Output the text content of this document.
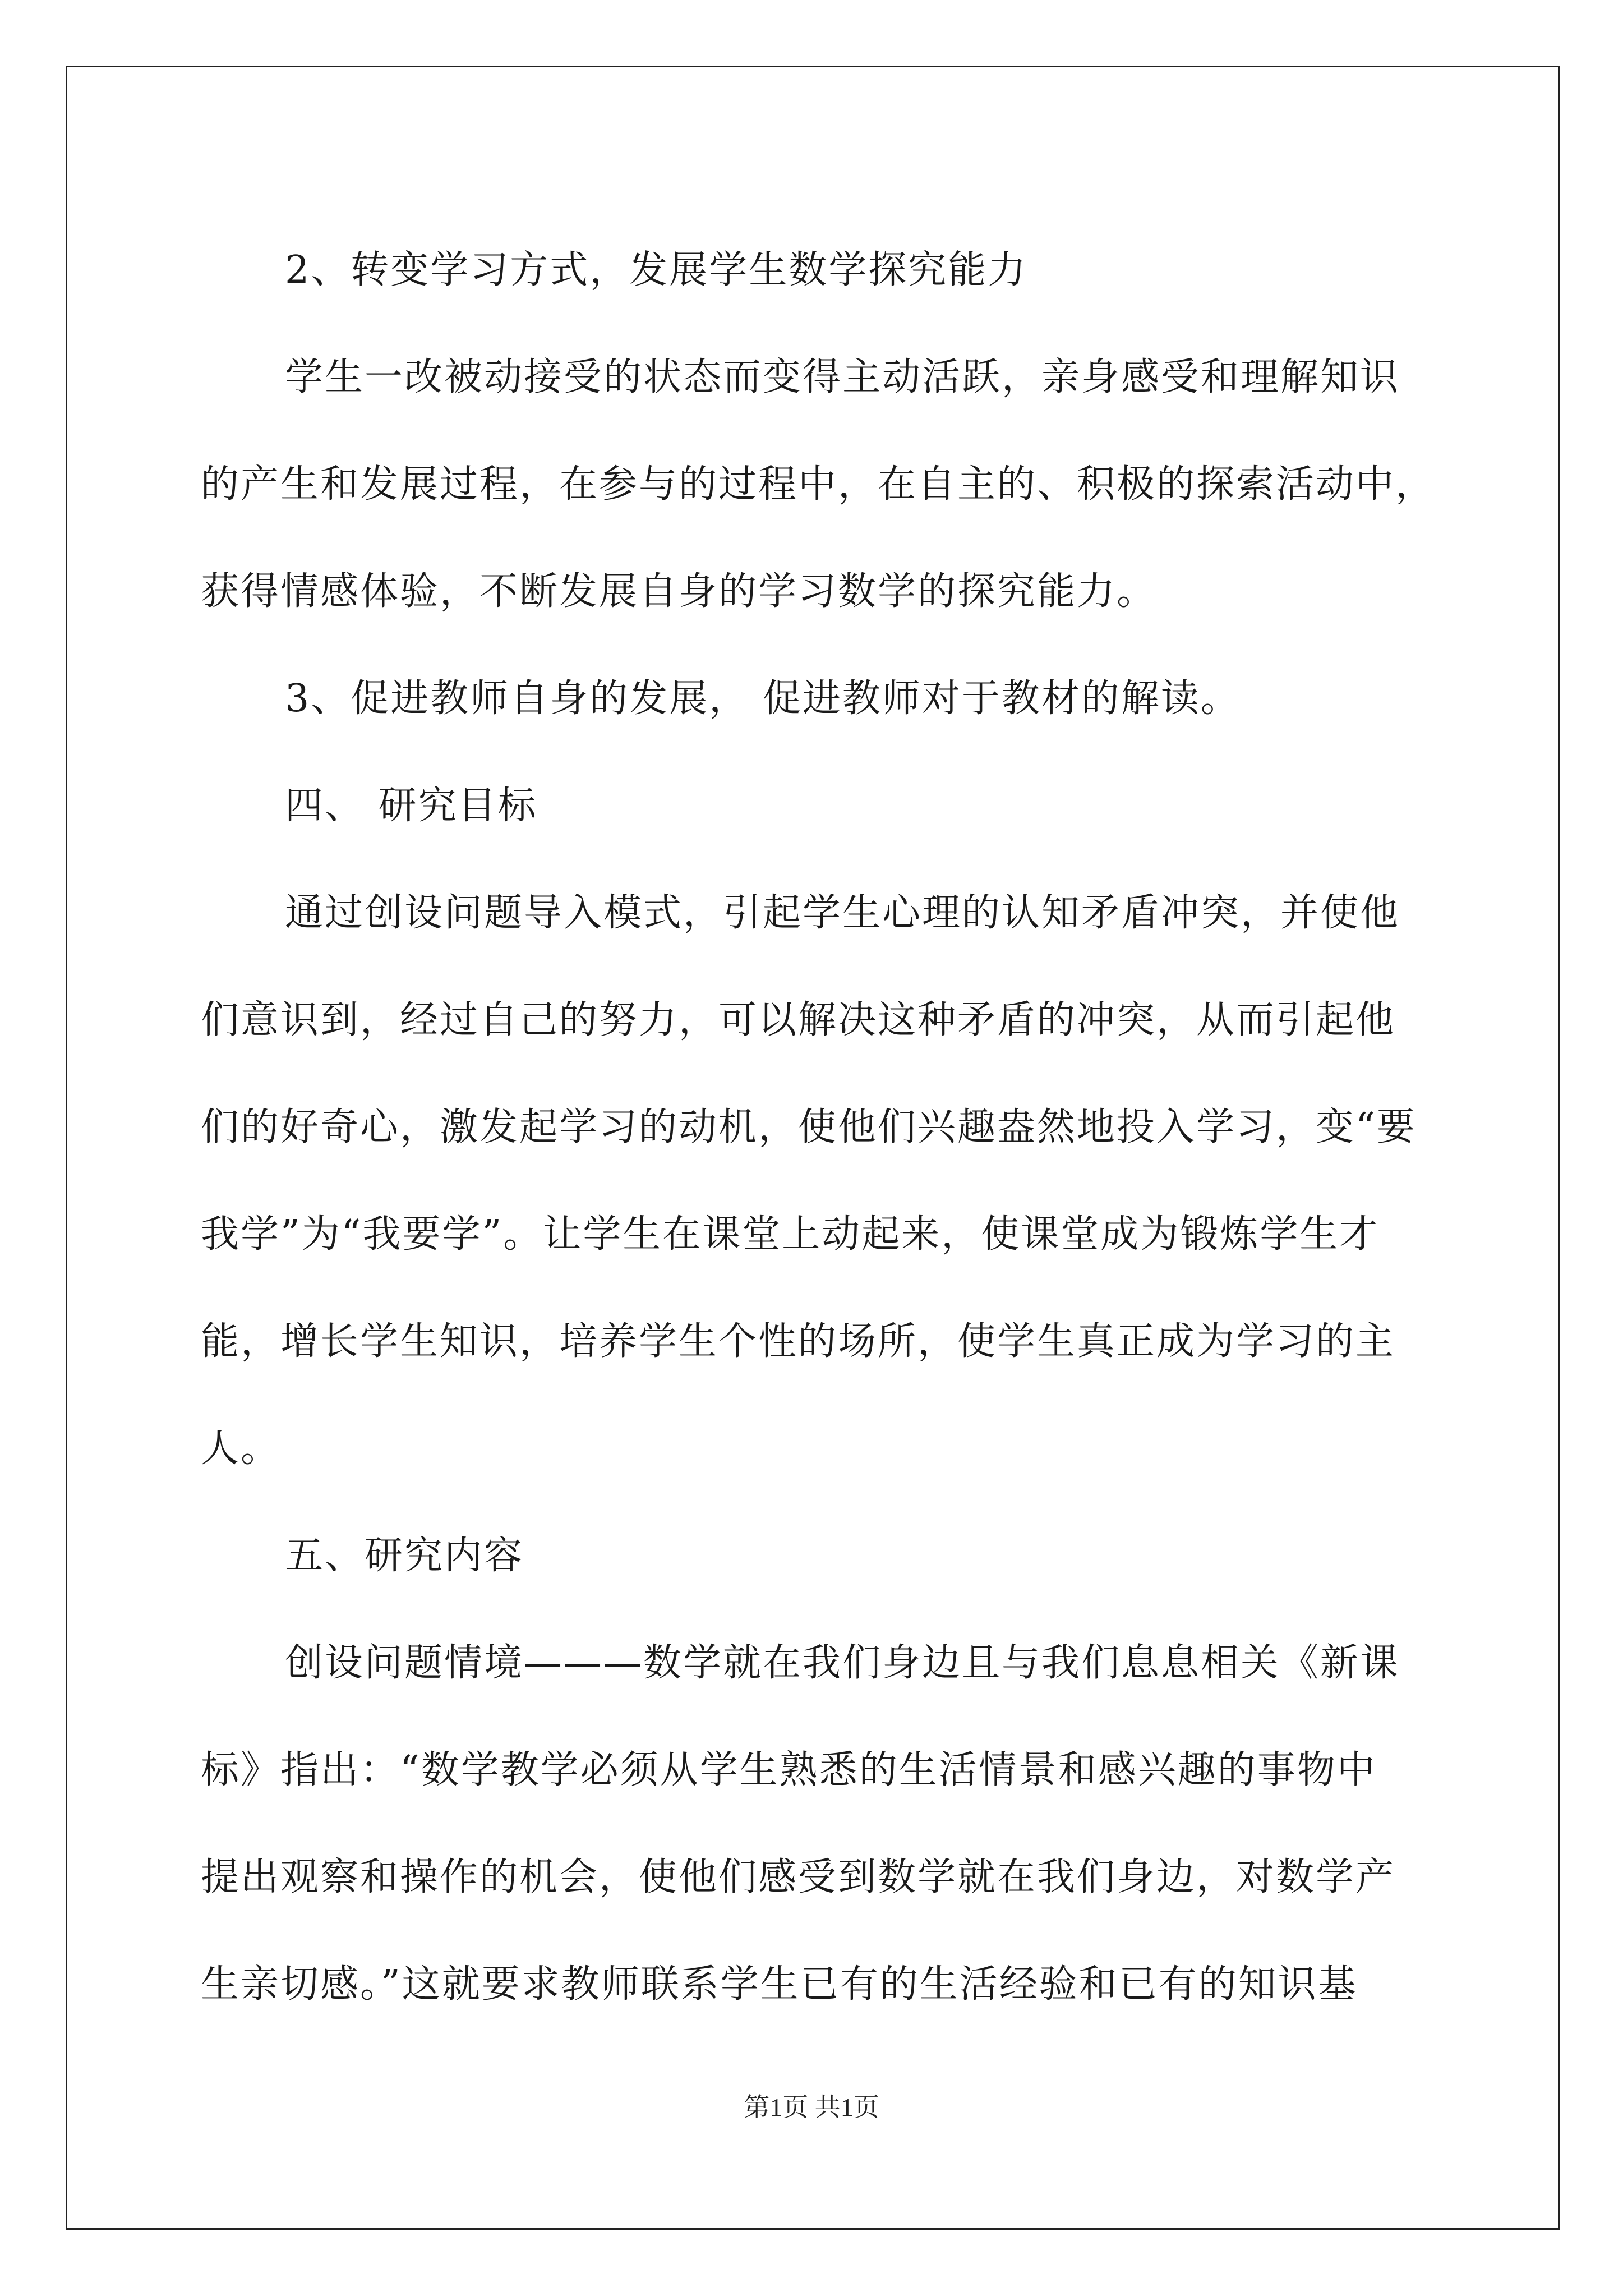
2、转变学习方式，发展学生数学探究能力
学生一改被动接受的状态而变得主动活跃，亲身感受和理解知识
的产生和发展过程，在参与的过程中，在自主的、积极的探索活动中，
获得情感体验，不断发展自身的学习数学的探究能力。
3、促进教师自身的发展， 促进教师对于教材的解读。
四、 研究目标
通过创设问题导入模式，引起学生心理的认知矛盾冲突，并使他
们意识到，经过自己的努力，可以解决这种矛盾的冲突，从而引起他
们的好奇心，激发起学习的动机，使他们兴趣盎然地投入学习，变“要
我学”为“我要学”。让学生在课堂上动起来，使课堂成为锻炼学生才
能，增长学生知识，培养学生个性的场所，使学生真正成为学习的主
人。
五、研究内容
创设问题情境———数学就在我们身边且与我们息息相关《新课
标》指出：“数学教学必须从学生熟悉的生活情景和感兴趣的事物中
提出观察和操作的机会，使他们感受到数学就在我们身边，对数学产
生亲切感。”这就要求教师联系学生已有的生活经验和已有的知识基
第1页 共1页
